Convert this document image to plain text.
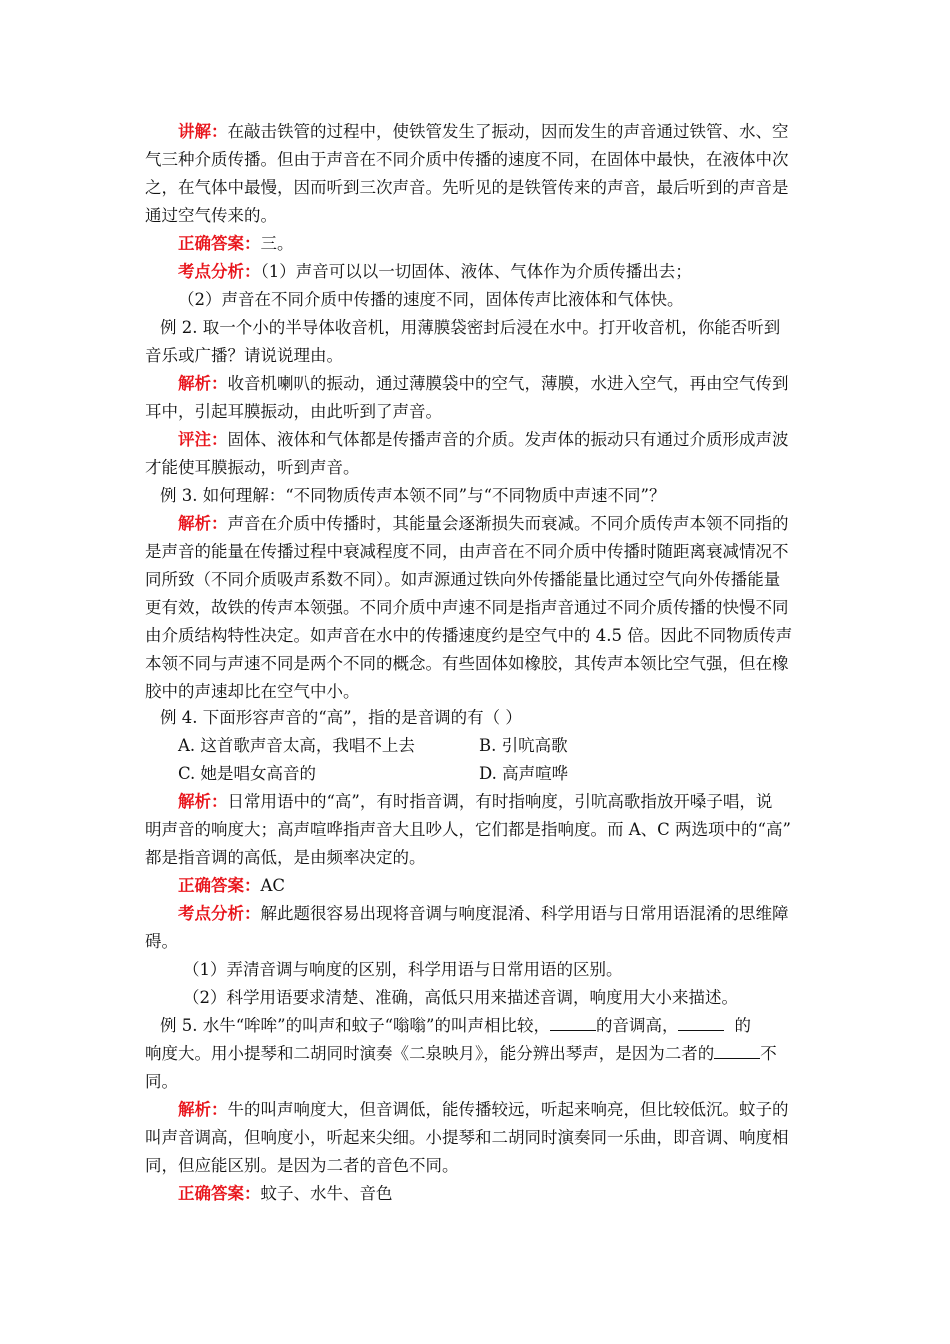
讲解：在敲击铁管的过程中，使铁管发生了振动，因而发生的声音通过铁管、水、空
气三种介质传播。但由于声音在不同介质中传播的速度不同，在固体中最快，在液体中次
之，在气体中最慢，因而听到三次声音。先听见的是铁管传来的声音，最后听到的声音是
通过空气传来的。
正确答案：三。
考点分析：（1）声音可以以一切固体、液体、气体作为介质传播出去；
（2）声音在不同介质中传播的速度不同，固体传声比液体和气体快。
例 2. 取一个小的半导体收音机，用薄膜袋密封后浸在水中。打开收音机，你能否听到
音乐或广播？请说说理由。
解析：收音机喇叭的振动，通过薄膜袋中的空气，薄膜，水进入空气，再由空气传到
耳中，引起耳膜振动，由此听到了声音。
评注：固体、液体和气体都是传播声音的介质。发声体的振动只有通过介质形成声波
才能使耳膜振动，听到声音。
例 3. 如何理解：“不同物质传声本领不同”与“不同物质中声速不同”？
解析：声音在介质中传播时，其能量会逐渐损失而衰减。不同介质传声本领不同指的
是声音的能量在传播过程中衰减程度不同，由声音在不同介质中传播时随距离衰减情况不
同所致（不同介质吸声系数不同）。如声源通过铁向外传播能量比通过空气向外传播能量
更有效，故铁的传声本领强。不同介质中声速不同是指声音通过不同介质传播的快慢不同
由介质结构特性决定。如声音在水中的传播速度约是空气中的 4.5 倍。因此不同物质传声
本领不同与声速不同是两个不同的概念。有些固体如橡胶，其传声本领比空气强，但在橡
胶中的声速却比在空气中小。
例 4. 下面形容声音的“高”，指的是音调的有（ ）
A. 这首歌声音太高，我唱不上去	B. 引吭高歌
C. 她是唱女高音的	D. 高声喧哗
解析：日常用语中的“高”，有时指音调，有时指响度，引吭高歌指放开嗓子唱，说
明声音的响度大；高声喧哗指声音大且吵人，它们都是指响度。而 A、C 两选项中的“高”
都是指音调的高低，是由频率决定的。
正确答案：AC
考点分析：解此题很容易出现将音调与响度混淆、科学用语与日常用语混淆的思维障
碍。
（1）弄清音调与响度的区别，科学用语与日常用语的区别。
（2）科学用语要求清楚、准确，高低只用来描述音调，响度用大小来描述。
例 5. 水牛“哞哞”的叫声和蚊子“嗡嗡”的叫声相比较，	的音调高，	的
响度大。用小提琴和二胡同时演奏《二泉映月》，能分辨出琴声，是因为二者的	不
同。
解析：牛的叫声响度大，但音调低，能传播较远，听起来响亮，但比较低沉。蚊子的
叫声音调高，但响度小，听起来尖细。小提琴和二胡同时演奏同一乐曲，即音调、响度相
同，但应能区别。是因为二者的音色不同。
正确答案：蚊子、水牛、音色
